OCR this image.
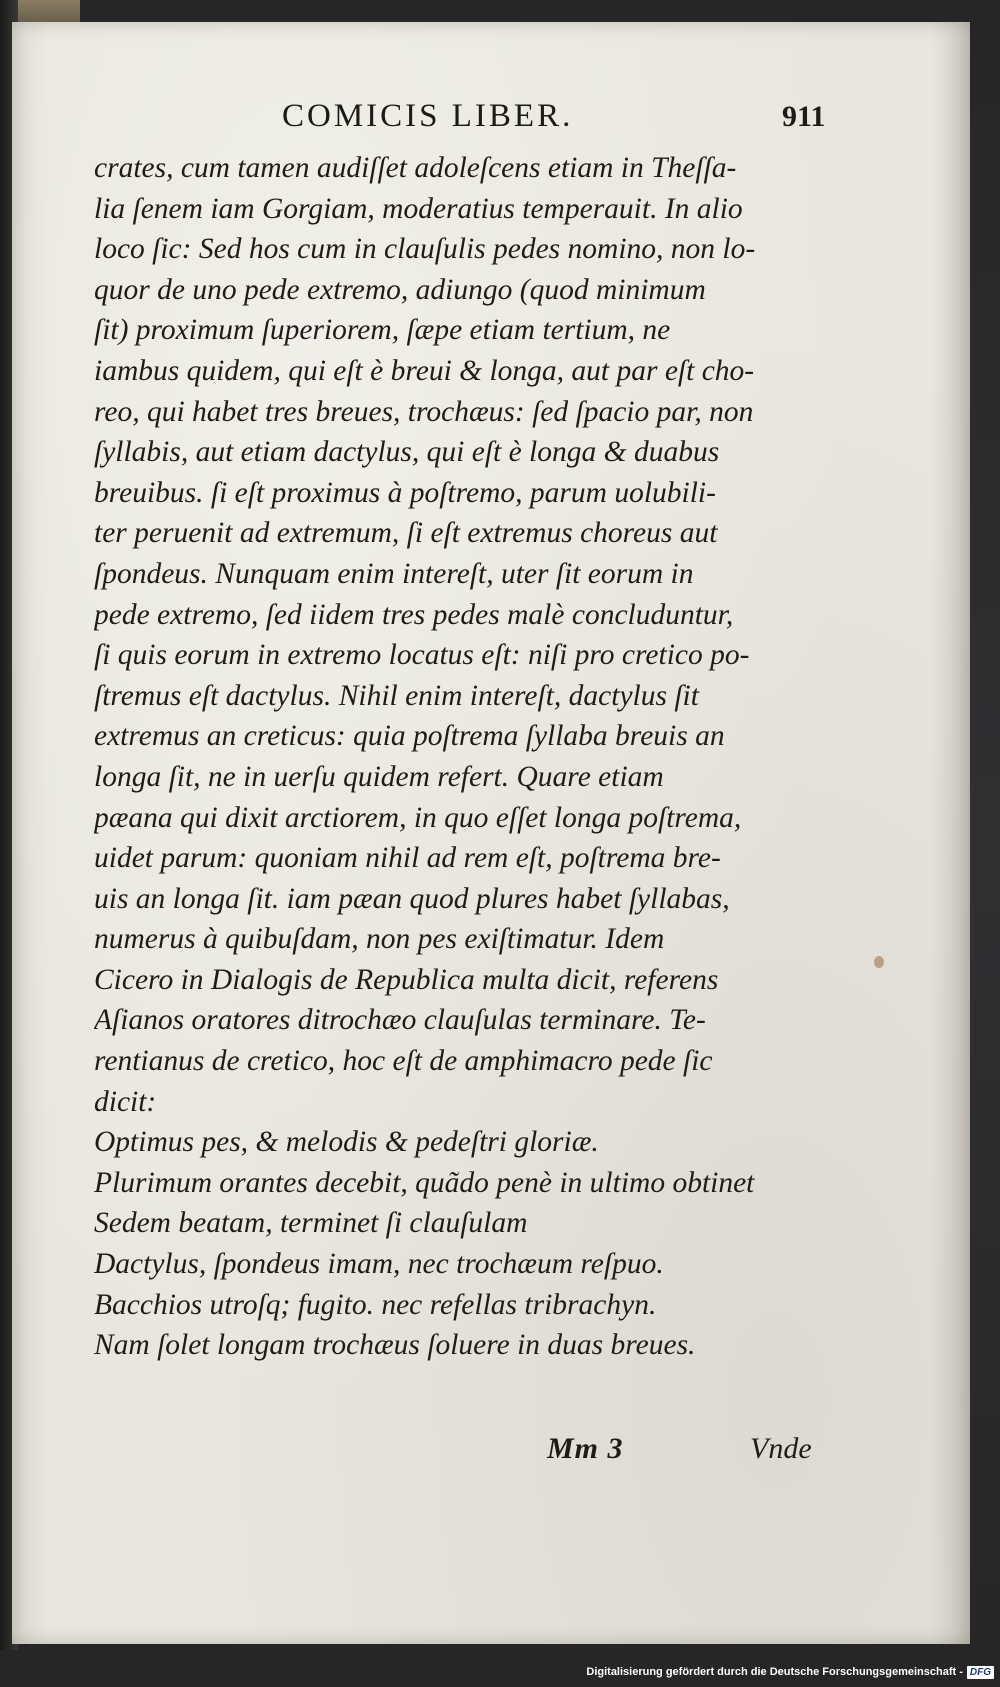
COMICIS LIBER.	911
crates, cum tamen audiſſet adoleſcens etiam in Theſſa-
lia ſenem iam Gorgiam, moderatius temperauit. In alio
loco ſic: Sed hos cum in clauſulis pedes nomino, non lo-
quor de uno pede extremo, adiungo (quod minimum
ſit) proximum ſuperiorem, ſæpe etiam tertium, ne
iambus quidem, qui eſt è breui & longa, aut par eſt cho-
reo, qui habet tres breues, trochæus: ſed ſpacio par, non
ſyllabis, aut etiam dactylus, qui eſt è longa & duabus
breuibus. ſi eſt proximus à poſtremo, parum uolubili-
ter peruenit ad extremum, ſi eſt extremus choreus aut
ſpondeus. Nunquam enim intereſt, uter ſit eorum in
pede extremo, ſed iidem tres pedes malè concluduntur,
ſi quis eorum in extremo locatus eſt: niſi pro cretico po-
ſtremus eſt dactylus. Nihil enim intereſt, dactylus ſit
extremus an creticus: quia poſtrema ſyllaba breuis an
longa ſit, ne in uerſu quidem refert. Quare etiam
pæana qui dixit arctiorem, in quo eſſet longa poſtrema,
uidet parum: quoniam nihil ad rem eſt, poſtrema bre-
uis an longa ſit. iam pæan quod plures habet ſyllabas,
numerus à quibuſdam, non pes exiſtimatur. Idem
Cicero in Dialogis de Republica multa dicit, referens
Aſianos oratores ditrochæo clauſulas terminare. Te-
rentianus de cretico, hoc eſt de amphimacro pede ſic
dicit:
Optimus pes, & melodis & pedeſtri gloriæ.
Plurimum orantes decebit, quãdo penè in ultimo obtinet
Sedem beatam, terminet ſi clauſulam
Dactylus, ſpondeus imam, nec trochæum reſpuo.
Bacchios utroſq; fugito. nec refellas tribrachyn.
Nam ſolet longam trochæus ſoluere in duas breues.
Mm 3	Vnde
Digitalisierung gefördert durch die Deutsche Forschungsgemeinschaft - DFG
